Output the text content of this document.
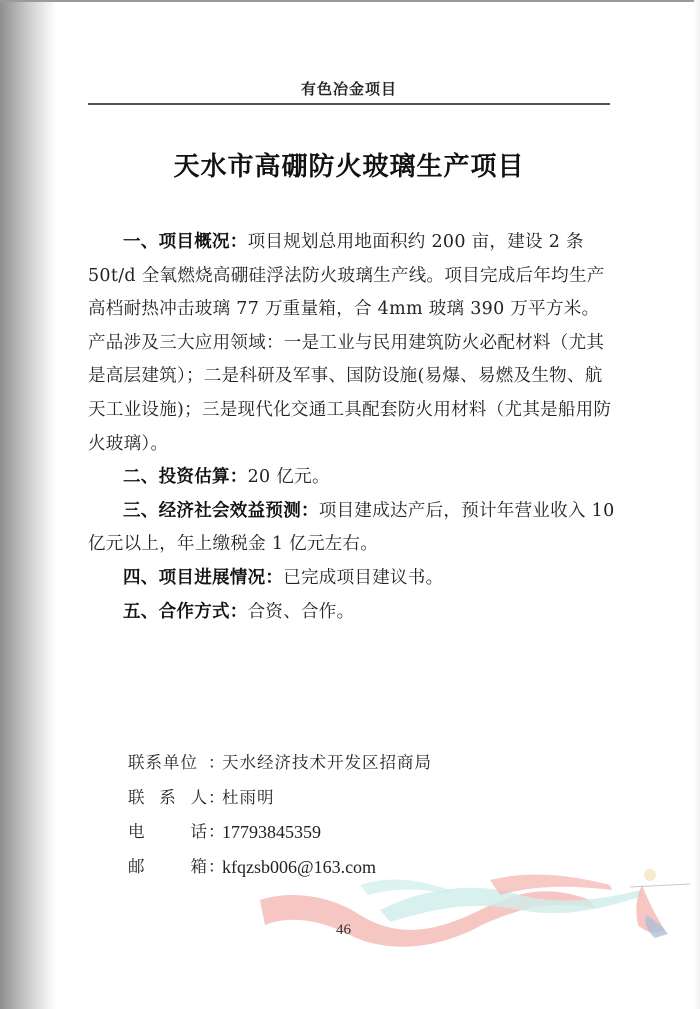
有色冶金项目
天水市高硼防火玻璃生产项目

一、项目概况：项目规划总用地面积约 200 亩，建设 2 条 50t/d 全氧燃烧高硼硅浮法防火玻璃生产线。项目完成后年均生产高档耐热冲击玻璃 77 万重量箱，合 4mm 玻璃 390 万平方米。产品涉及三大应用领域：一是工业与民用建筑防火必配材料（尤其是高层建筑）；二是科研及军事、国防设施(易爆、易燃及生物、航天工业设施)；三是现代化交通工具配套防火用材料（尤其是船用防火玻璃）。

二、投资估算：20 亿元。

三、经济社会效益预测：项目建成达产后，预计年营业收入 10 亿元以上，年上缴税金 1 亿元左右。

四、项目进展情况：已完成项目建议书。

五、合作方式：合资、合作。

联系单位 ：
天水经济技术开发区招商局
联 系 人 ：
杜雨明
电	话 ：
17793845359
邮	箱 ：
kfqzsb006@163.com
46
